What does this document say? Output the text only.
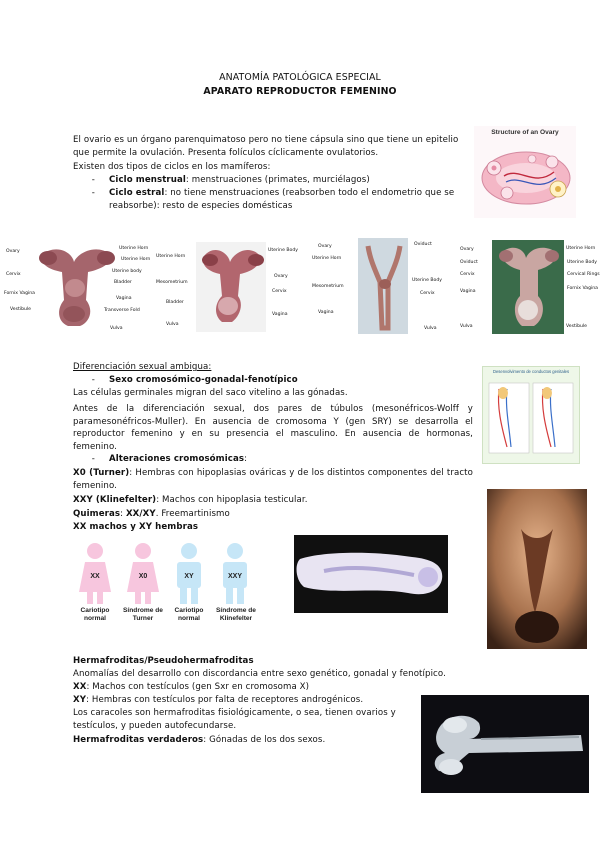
ANATOMÍA PATOLÓGICA ESPECIAL
APARATO REPRODUCTOR FEMENINO
El ovario es un órgano parenquimatoso pero no tiene cápsula sino que tiene un epitelio que permite la ovulación. Presenta folículos cíclicamente ovulatorios.
Existen dos tipos de ciclos en los mamíferos:
- Ciclo menstrual: menstruaciones (primates, murciélagos)
-	Ciclo estral: no tiene menstruaciones (reabsorben todo el endometrio que se reabsorbe): resto de especies domésticas
Structure of an Ovary
Ovary
Cervix
Fornix Vagina
Vestibule
Uterine Horn
Uterine body
Bladder
Vagina
Transverse Fold
Vulva
Uterine Horn
Uterine Horn
Uterine Body
Ovary
Cervix
Mesometrium
Bladder
Vagina
Vulva
Ovary
Uterine Horn
Oviduct
Mesometrium
Uterine Body
Cervix
Vagina
Vulva
Ovary
Oviduct
Cervix
Vagina
Vulva
Uterine Horn
Uterine Body
Cervical Rings
Fornix Vagina
Vestibule
Diferenciación sexual ambigua:
- Sexo cromosómico-gonadal-fenotípico
Las células germinales migran del saco vitelino a las gónadas.
Antes de la diferenciación sexual, dos pares de túbulos (mesonéfricos-Wolff y paramesonéfricos-Muller). En ausencia de cromosoma Y (gen SRY) se desarrolla el reproductor femenino y en su presencia el masculino. En ausencia de hormonas, femenino.
- Alteraciones cromosómicas:
X0 (Turner): Hembras con hipoplasias ováricas y de los distintos componentes del tracto femenino.
XXY (Klinefelter): Machos con hipoplasia testicular.
Quimeras: XX/XY. Freemartinismo
XX machos y XY hembras
Desenvolvimento de conductos genitales
XX	X0	XY	XXY
Cariotipo normal
Síndrome de Turner
Cariotipo normal
Síndrome de Klinefelter
Hermafroditas/Pseudohermafroditas
Anomalías del desarrollo con discordancia entre sexo genético, gonadal y fenotípico.
XX: Machos con testículos (gen Sxr en cromosoma X)
XY: Hembras con testículos por falta de receptores androgénicos.
Los caracoles son hermafroditas fisiológicamente, o sea, tienen ovarios y testículos, y pueden autofecundarse.
Hermafroditas verdaderos: Gónadas de los dos sexos.
